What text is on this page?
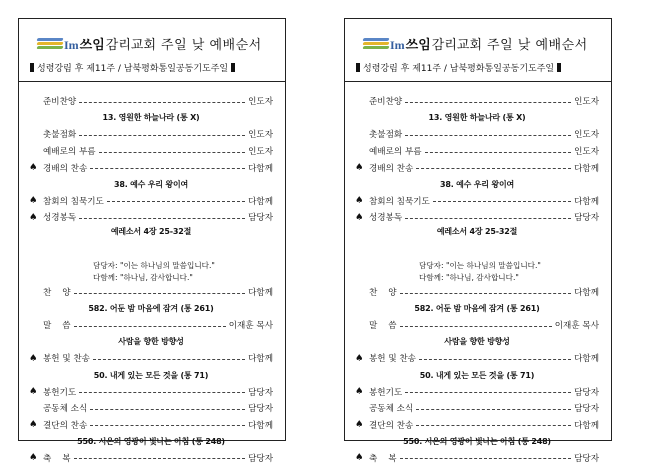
Im 쓰임 감리교회 주일 낮 예배순서
성령강림 후 제11주 / 남북평화통일공동기도주일
준비찬양	인도자
13. 영원한 하늘나라 (통 X)
촛불점화	인도자
예배로의 부름	인도자
♠ 경배의 찬송	다함께
38. 예수 우리 왕이여
♠ 참회의 침묵기도	다함께
♠ 성경봉독	담당자
예레소서 4장 25-32절
담당자: "이는 하나님의 말씀입니다."
다함께: "하나님, 감사합니다."
찬    양	다함께
582. 어둔 밤 마음에 잠겨 (통 261)
말    씀	이재훈 목사
사람을 향한 방향성
♠ 봉헌 및 찬송	다함께
50. 내게 있는 모든 것을 (통 71)
♠ 봉헌기도	담당자
공동체 소식	담당자
♠ 결단의 찬송	다함께
550. 시온의 영광이 빛나는 아침 (통 248)
♠ 축    복	담당자
Im 쓰임 감리교회 주일 낮 예배순서
성령강림 후 제11주 / 남북평화통일공동기도주일
준비찬양	인도자
13. 영원한 하늘나라 (통 X)
촛불점화	인도자
예배로의 부름	인도자
♠ 경배의 찬송	다함께
38. 예수 우리 왕이여
♠ 참회의 침묵기도	다함께
♠ 성경봉독	담당자
예레소서 4장 25-32절
담당자: "이는 하나님의 말씀입니다."
다함께: "하나님, 감사합니다."
찬    양	다함께
582. 어둔 밤 마음에 잠겨 (통 261)
말    씀	이재훈 목사
사람을 향한 방향성
♠ 봉헌 및 찬송	다함께
50. 내게 있는 모든 것을 (통 71)
♠ 봉헌기도	담당자
공동체 소식	담당자
♠ 결단의 찬송	다함께
550. 시온의 영광이 빛나는 아침 (통 248)
♠ 축    복	담당자
